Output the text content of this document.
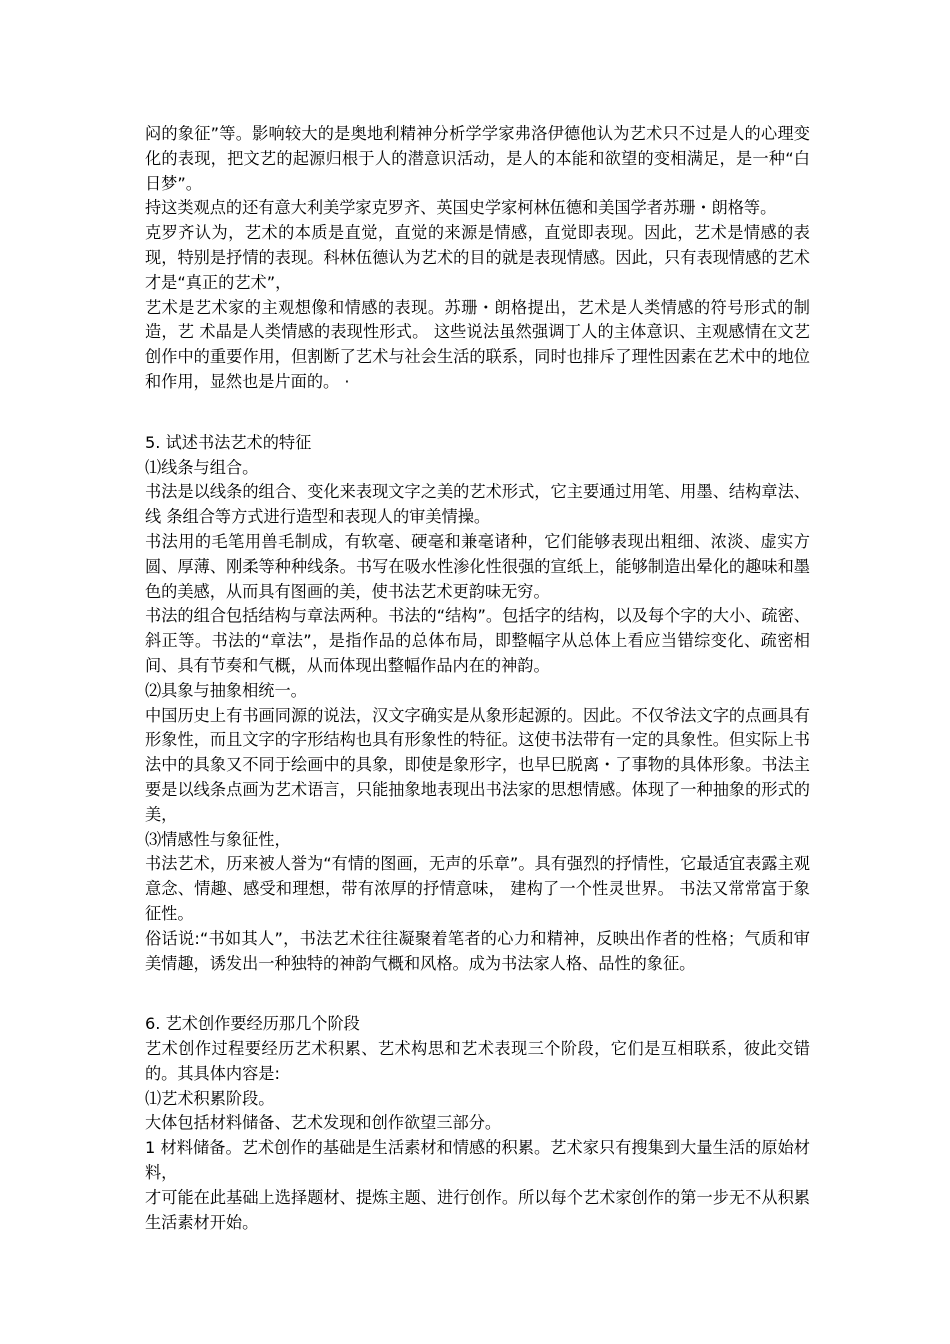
闷的象征”等。影响较大的是奥地利精神分析学学家弗洛伊德他认为艺术只不过是人的心理变化的表现，把文艺的起源归根于人的潜意识活动，是人的本能和欲望的变相满足，是一种“白日梦”。

持这类观点的还有意大利美学家克罗齐、英国史学家柯林伍德和美国学者苏珊・朗格等。

克罗齐认为，艺术的本质是直觉，直觉的来源是情感，直觉即表现。因此，艺术是情感的表现，特别是抒情的表现。科林伍德认为艺术的目的就是表现情感。因此，只有表现情感的艺术才是“真正的艺术”，

艺术是艺术家的主观想像和情感的表现。苏珊・朗格提出，艺术是人类情感的符号形式的制造，艺 术晶是人类情感的表现性形式。 这些说法虽然强调丁人的主体意识、主观感情在文艺创作中的重要作用，但割断了艺术与社会生活的联系，同时也排斥了理性因素在艺术中的地位和作用，显然也是片面的。 ·

5. 试述书法艺术的特征

⑴线条与组合。

书法是以线条的组合、变化来表现文字之美的艺术形式，它主要通过用笔、用墨、结构章法、线 条组合等方式进行造型和表现人的审美情操。

书法用的毛笔用兽毛制成，有软毫、硬毫和兼毫诸种，它们能够表现出粗细、浓淡、虚实方圆、厚薄、刚柔等种种线条。书写在吸水性渗化性很强的宣纸上，能够制造出晕化的趣味和墨色的美感，从而具有图画的美，使书法艺术更韵味无穷。

书法的组合包括结构与章法两种。书法的“结构”。包括字的结构，以及每个字的大小、疏密、斜正等。书法的“章法”，是指作品的总体布局，即整幅字从总体上看应当错综变化、疏密相间、具有节奏和气概，从而体现出整幅作品内在的神韵。

⑵具象与抽象相统一。

中国历史上有书画同源的说法，汉文字确实是从象形起源的。因此。不仅爷法文字的点画具有形象性，而且文字的字形结构也具有形象性的特征。这使书法带有一定的具象性。但实际上书法中的具象又不同于绘画中的具象，即使是象形字，也早巳脱离・了事物的具体形象。书法主要是以线条点画为艺术语言，只能抽象地表现出书法家的思想情感。体现了一种抽象的形式的美，

⑶情感性与象征性，

书法艺术，历来被人誉为“有情的图画，无声的乐章”。具有强烈的抒情性，它最适宜表露主观意念、情趣、感受和理想，带有浓厚的抒情意味， 建构了一个性灵世界。 书法又常常富于象征性。

俗话说:“书如其人”，书法艺术往往凝聚着笔者的心力和精神，反映出作者的性格；气质和审美情趣，诱发出一种独特的神韵气概和风格。成为书法家人格、品性的象征。

6. 艺术创作要经历那几个阶段

艺术创作过程要经历艺术积累、艺术构思和艺术表现三个阶段，它们是互相联系，彼此交错的。其具体内容是:

⑴艺术积累阶段。

大体包括材料储备、艺术发现和创作欲望三部分。

1 材料储备。艺术创作的基础是生活素材和情感的积累。艺术家只有搜集到大量生活的原始材料，

才可能在此基础上选择题材、提炼主题、进行创作。所以每个艺术家创作的第一步无不从积累生活素材开始。
